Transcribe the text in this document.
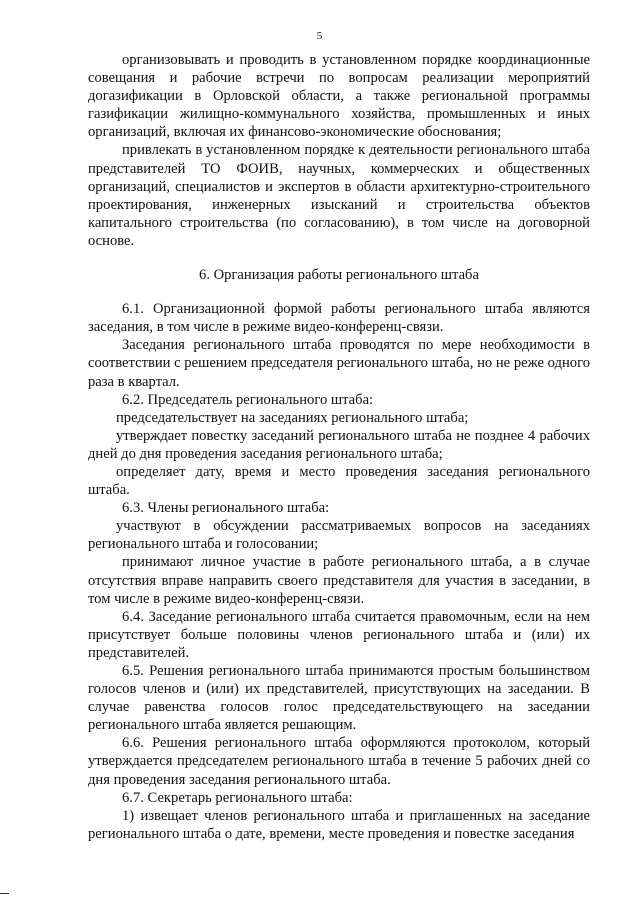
5

организовывать и проводить в установленном порядке координационные совещания и рабочие встречи по вопросам реализации мероприятий догазификации в Орловской области, а также региональной программы газификации жилищно-коммунального хозяйства, промышленных и иных организаций, включая их финансово-экономические обоснования;

привлекать в установленном порядке к деятельности регионального штаба представителей ТО ФОИВ, научных, коммерческих и общественных организаций, специалистов и экспертов в области архитектурно-строительного проектирования, инженерных изысканий и строительства объектов капитального строительства (по согласованию), в том числе на договорной основе.

6. Организация работы регионального штаба

6.1. Организационной формой работы регионального штаба являются заседания, в том числе в режиме видео-конференц-связи.

Заседания регионального штаба проводятся по мере необходимости в соответствии с решением председателя регионального штаба, но не реже одного раза в квартал.

6.2. Председатель регионального штаба:

председательствует на заседаниях регионального штаба;

утверждает повестку заседаний регионального штаба не позднее 4 рабочих дней до дня проведения заседания регионального штаба;

определяет дату, время и место проведения заседания регионального штаба.

6.3. Члены регионального штаба:

участвуют в обсуждении рассматриваемых вопросов на заседаниях регионального штаба и голосовании;

принимают личное участие в работе регионального штаба, а в случае отсутствия вправе направить своего представителя для участия в заседании, в том числе в режиме видео-конференц-связи.

6.4. Заседание регионального штаба считается правомочным, если на нем присутствует больше половины членов регионального штаба и (или) их представителей.

6.5. Решения регионального штаба принимаются простым большинством голосов членов и (или) их представителей, присутствующих на заседании. В случае равенства голосов голос председательствующего на заседании регионального штаба является решающим.

6.6. Решения регионального штаба оформляются протоколом, который утверждается председателем регионального штаба в течение 5 рабочих дней со дня проведения заседания регионального штаба.

6.7. Секретарь регионального штаба:

1) извещает членов регионального штаба и приглашенных на заседание регионального штаба о дате, времени, месте проведения и повестке заседания
